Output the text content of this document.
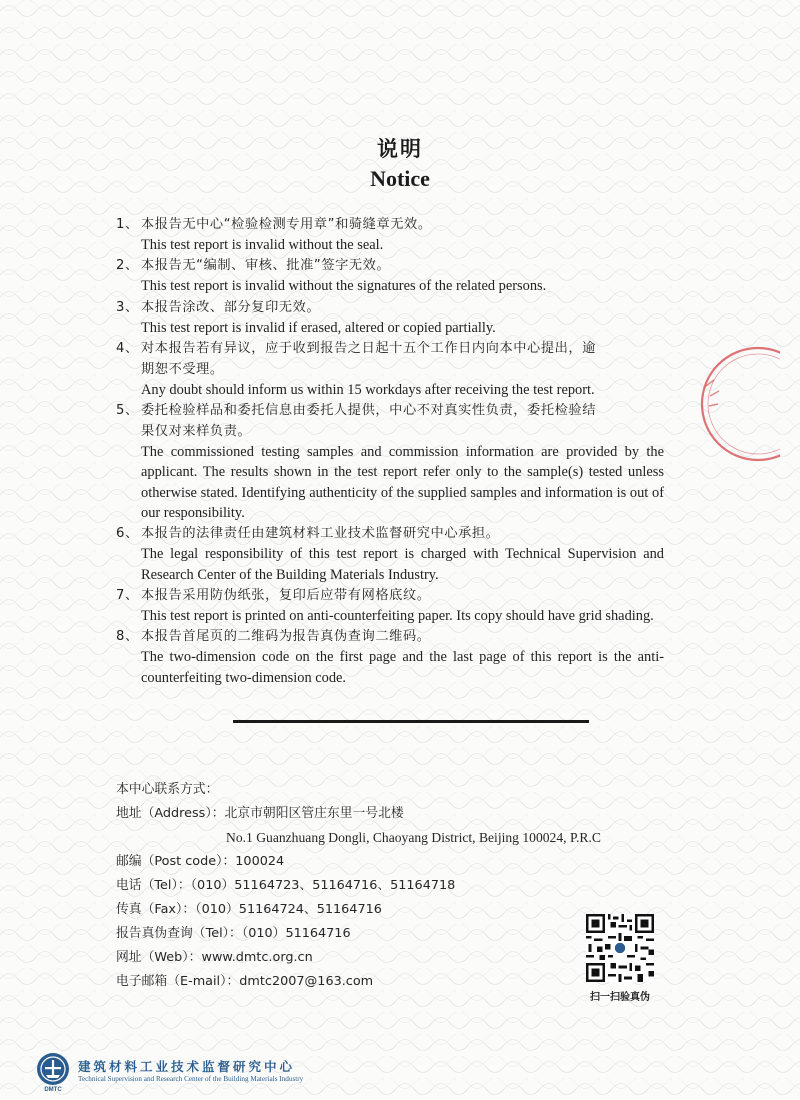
说明
Notice
1、 本报告无中心“检验检测专用章”和骑缝章无效。
This test report is invalid without the seal.
2、 本报告无“编制、审核、批准”签字无效。
This test report is invalid without the signatures of the related persons.
3、 本报告涂改、部分复印无效。
This test report is invalid if erased, altered or copied partially.
4、 对本报告若有异议，应于收到报告之日起十五个工作日内向本中心提出，逾
期恕不受理。
Any doubt should inform us within 15 workdays after receiving the test report.
5、 委托检验样品和委托信息由委托人提供，中心不对真实性负责，委托检验结
果仅对来样负责。
The commissioned testing samples and commission information are provided by the applicant. The results shown in the test report refer only to the sample(s) tested unless otherwise stated. Identifying authenticity of the supplied samples and information is out of our responsibility.
6、 本报告的法律责任由建筑材料工业技术监督研究中心承担。
The legal responsibility of this test report is charged with Technical Supervision and Research Center of the Building Materials Industry.
7、 本报告采用防伪纸张，复印后应带有网格底纹。
This test report is printed on anti-counterfeiting paper. Its copy should have grid shading.
8、 本报告首尾页的二维码为报告真伪查询二维码。
The two-dimension code on the first page and the last page of this report is the anti-counterfeiting two-dimension code.
本中心联系方式：
地址（Address）：北京市朝阳区管庄东里一号北楼
No.1 Guanzhuang Dongli, Chaoyang District, Beijing 100024, P.R.C
邮编（Post code）：100024
电话（Tel）：（010）51164723、51164716、51164718
传真（Fax）：（010）51164724、51164716
报告真伪查询（Tel）：（010）51164716
网址（Web）：www.dmtc.org.cn
电子邮箱（E-mail）：dmtc2007@163.com
扫一扫验真伪
DMTC
建筑材料工业技术监督研究中心
Technical Supervision and Research Center of the Building Materials Industry
